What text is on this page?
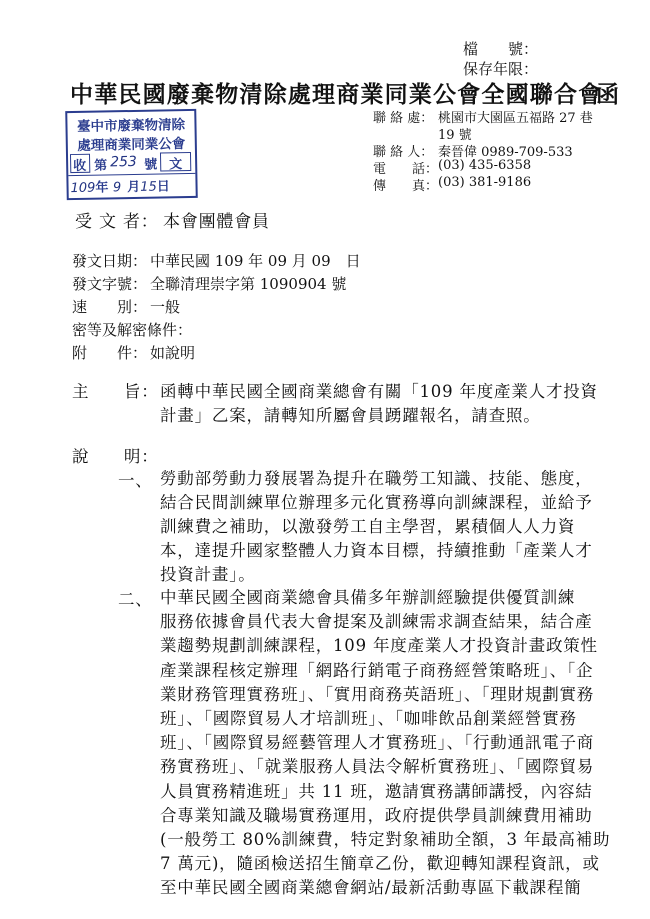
檔　　號：
保存年限：
中華民國廢棄物清除處理商業同業公會全國聯合會
函
聯 絡 處： 桃園市大園區五福路 27 巷
19 號
聯 絡 人： 秦晉偉 0989-709-533
電　　話： (03) 435-6358
傳　　真： (03) 381-9186
臺中市廢棄物清除
處理商業同業公會
收 第 253 號 文
109年 9 月15日
受 文 者： 本會團體會員
發文日期： 中華民國 109 年 09 月 09　日
發文字號： 全聯清理崇字第 1090904 號
速　　別： 一般
密等及解密條件：
附　　件： 如說明
主　　旨： 函轉中華民國全國商業總會有關「109 年度產業人才投資
計畫」乙案，請轉知所屬會員踴躍報名，請查照。
說　　明：
一、 勞動部勞動力發展署為提升在職勞工知識、技能、態度，
結合民間訓練單位辦理多元化實務導向訓練課程，並給予
訓練費之補助，以激發勞工自主學習，累積個人人力資
本，達提升國家整體人力資本目標，持續推動「產業人才
投資計畫」。
二、 中華民國全國商業總會具備多年辦訓經驗提供優質訓練
服務依據會員代表大會提案及訓練需求調查結果，結合產
業趨勢規劃訓練課程，109 年度產業人才投資計畫政策性
產業課程核定辦理「網路行銷電子商務經營策略班」、「企
業財務管理實務班」、「實用商務英語班」、「理財規劃實務
班」、「國際貿易人才培訓班」、「咖啡飲品創業經營實務
班」、「國際貿易經藝管理人才實務班」、「行動通訊電子商
務實務班」、「就業服務人員法令解析實務班」、「國際貿易
人員實務精進班」共 11 班，邀請實務講師講授，內容結
合專業知識及職場實務運用，政府提供學員訓練費用補助
(一般勞工 80%訓練費，特定對象補助全額，3 年最高補助
7 萬元)，隨函檢送招生簡章乙份，歡迎轉知課程資訊，或
至中華民國全國商業總會網站/最新活動專區下載課程簡
